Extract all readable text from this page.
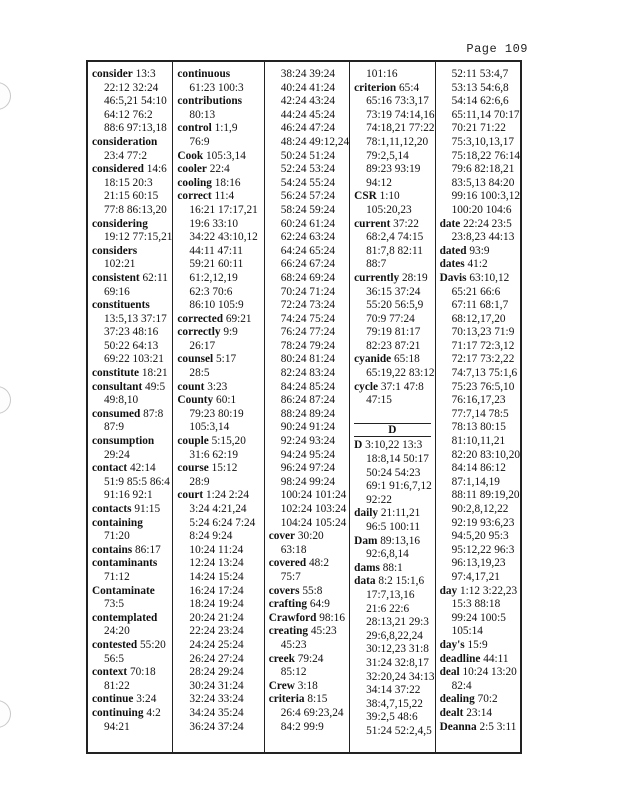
Page 109
consider 13:3
22:12 32:24
46:5,21 54:10
64:12 76:2
88:6 97:13,18
consideration
23:4 77:2
considered 14:6
18:15 20:3
21:15 60:15
77:8 86:13,20
considering
19:12 77:15,21
considers
102:21
consistent 62:11
69:16
constituents
13:5,13 37:17
37:23 48:16
50:22 64:13
69:22 103:21
constitute 18:21
consultant 49:5
49:8,10
consumed 87:8
87:9
consumption
29:24
contact 42:14
51:9 85:5 86:4
91:16 92:1
contacts 91:15
containing
71:20
contains 86:17
contaminants
71:12
Contaminate
73:5
contemplated
24:20
contested 55:20
56:5
context 70:18
81:22
continue 3:24
continuing 4:2
94:21
continuous
61:23 100:3
contributions
80:13
control 1:1,9
76:9
Cook 105:3,14
cooler 22:4
cooling 18:16
correct 11:4
16:21 17:17,21
19:6 33:10
34:22 43:10,12
44:11 47:11
59:21 60:11
61:2,12,19
62:3 70:6
86:10 105:9
corrected 69:21
correctly 9:9
26:17
counsel 5:17
28:5
count 3:23
County 60:1
79:23 80:19
105:3,14
couple 5:15,20
31:6 62:19
course 15:12
28:9
court 1:24 2:24
3:24 4:21,24
5:24 6:24 7:24
8:24 9:24
10:24 11:24
12:24 13:24
14:24 15:24
16:24 17:24
18:24 19:24
20:24 21:24
22:24 23:24
24:24 25:24
26:24 27:24
28:24 29:24
30:24 31:24
32:24 33:24
34:24 35:24
36:24 37:24
38:24 39:24
40:24 41:24
42:24 43:24
44:24 45:24
46:24 47:24
48:24 49:12,24
50:24 51:24
52:24 53:24
54:24 55:24
56:24 57:24
58:24 59:24
60:24 61:24
62:24 63:24
64:24 65:24
66:24 67:24
68:24 69:24
70:24 71:24
72:24 73:24
74:24 75:24
76:24 77:24
78:24 79:24
80:24 81:24
82:24 83:24
84:24 85:24
86:24 87:24
88:24 89:24
90:24 91:24
92:24 93:24
94:24 95:24
96:24 97:24
98:24 99:24
100:24 101:24
102:24 103:24
104:24 105:24
cover 30:20
63:18
covered 48:2
75:7
covers 55:8
crafting 64:9
Crawford 98:16
creating 45:23
45:23
creek 79:24
85:12
Crew 3:18
criteria 8:15
26:4 69:23,24
84:2 99:9
101:16
criterion 65:4
65:16 73:3,17
73:19 74:14,16
74:18,21 77:22
78:1,11,12,20
79:2,5,14
89:23 93:19
94:12
CSR 1:10
105:20,23
current 37:22
68:2,4 74:15
81:7,8 82:11
88:7
currently 28:19
36:15 37:24
55:20 56:5,9
70:9 77:24
79:19 81:17
82:23 87:21
cyanide 65:18
65:19,22 83:12
cycle 37:1 47:8
47:15

D
D 3:10,22 13:3
18:8,14 50:17
50:24 54:23
69:1 91:6,7,12
92:22
daily 21:11,21
96:5 100:11
Dam 89:13,16
92:6,8,14
dams 88:1
data 8:2 15:1,6
17:7,13,16
21:6 22:6
28:13,21 29:3
29:6,8,22,24
30:12,23 31:8
31:24 32:8,17
32:20,24 34:13
34:14 37:22
38:4,7,15,22
39:2,5 48:6
51:24 52:2,4,5
52:11 53:4,7
53:13 54:6,8
54:14 62:6,6
65:11,14 70:17
70:21 71:22
75:3,10,13,17
75:18,22 76:14
79:6 82:18,21
83:5,13 84:20
99:16 100:3,12
100:20 104:6
date 22:24 23:5
23:8,23 44:13
dated 93:9
dates 41:2
Davis 63:10,12
65:21 66:6
67:11 68:1,7
68:12,17,20
70:13,23 71:9
71:17 72:3,12
72:17 73:2,22
74:7,13 75:1,6
75:23 76:5,10
76:16,17,23
77:7,14 78:5
78:13 80:15
81:10,11,21
82:20 83:10,20
84:14 86:12
87:1,14,19
88:11 89:19,20
90:2,8,12,22
92:19 93:6,23
94:5,20 95:3
95:12,22 96:3
96:13,19,23
97:4,17,21
day 1:12 3:22,23
15:3 88:18
99:24 100:5
105:14
day's 15:9
deadline 44:11
deal 10:24 13:20
82:4
dealing 70:2
dealt 23:14
Deanna 2:5 3:11
